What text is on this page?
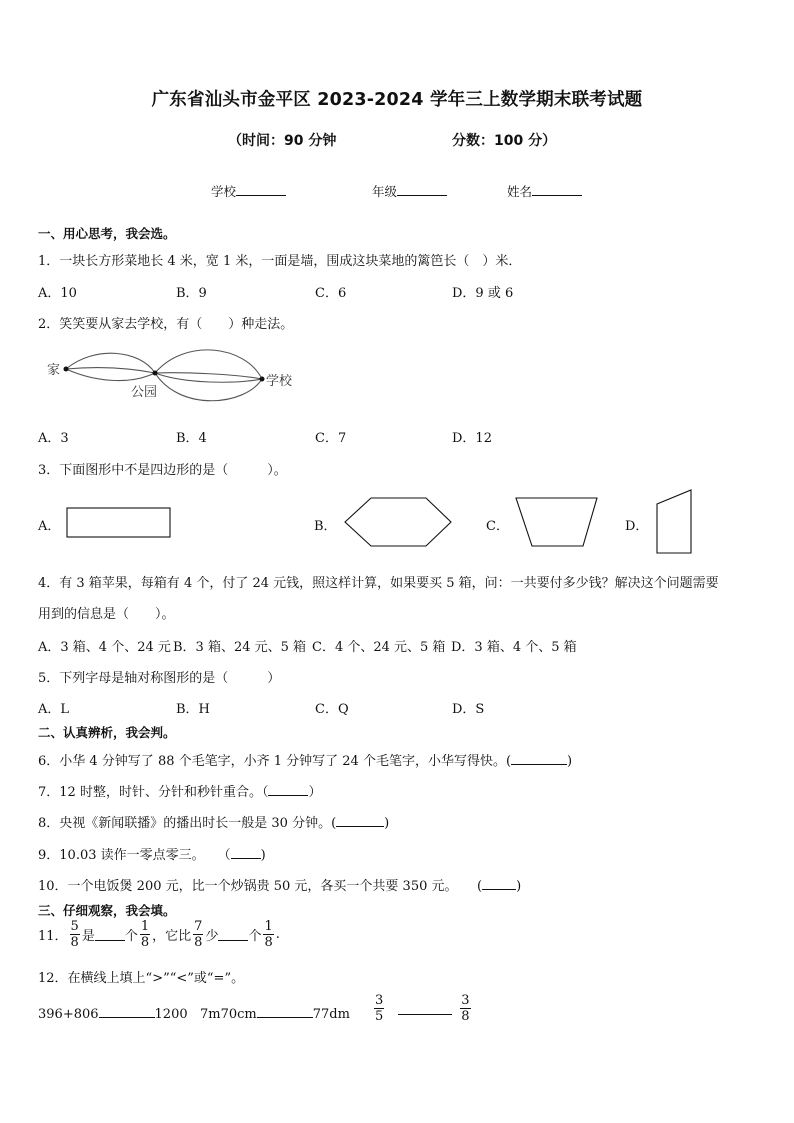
广东省汕头市金平区 2023-2024 学年三上数学期末联考试题
（时间：90 分钟	分数：100 分）
学校	年级	姓名
一、用心思考，我会选。
1．一块长方形菜地长 4 米，宽 1 米，一面是墙，围成这块菜地的篱笆长（　）米．
A．10	B．9	C．6	D．9 或 6
2．笑笑要从家去学校，有（　　）种走法。
家
公园
学校
A．3	B．4	C．7	D．12
3．下面图形中不是四边形的是（　　　）。
A．	B．	C．	D．
4．有 3 箱苹果，每箱有 4 个，付了 24 元钱，照这样计算，如果要买 5 箱，问：一共要付多少钱？解决这个问题需要
用到的信息是（　　）。
A．3 箱、4 个、24 元 B．3 箱、24 元、5 箱 C．4 个、24 元、5 箱 D．3 箱、4 个、5 箱
5．下列字母是轴对称图形的是（　　　）
A．L	B．H	C．Q	D．S
二、认真辨析，我会判。
6．小华 4 分钟写了 88 个毛笔字，小齐 1 分钟写了 24 个毛笔字，小华写得快。(	)
7．12 时整，时针、分针和秒针重合。（	）
8．央视《新闻联播》的播出时长一般是 30 分钟。(	)
9．10.03 读作一零点零三。　　（ )
10．一个电饭煲 200 元，比一个炒锅贵 50 元，各买一个共要 350 元。　　(	)
三、仔细观察，我会填。
11． $\frac{5}{8}$ 是 个 $\frac{1}{8}$ ，它比 $\frac{7}{8}$ 少 个 $\frac{1}{8}$ .
12．在横线上填上“>”“<”或“=”。
396+806	1200 7m70cm	$77dm \frac{3}{5}$	$\frac{3}{8}$
